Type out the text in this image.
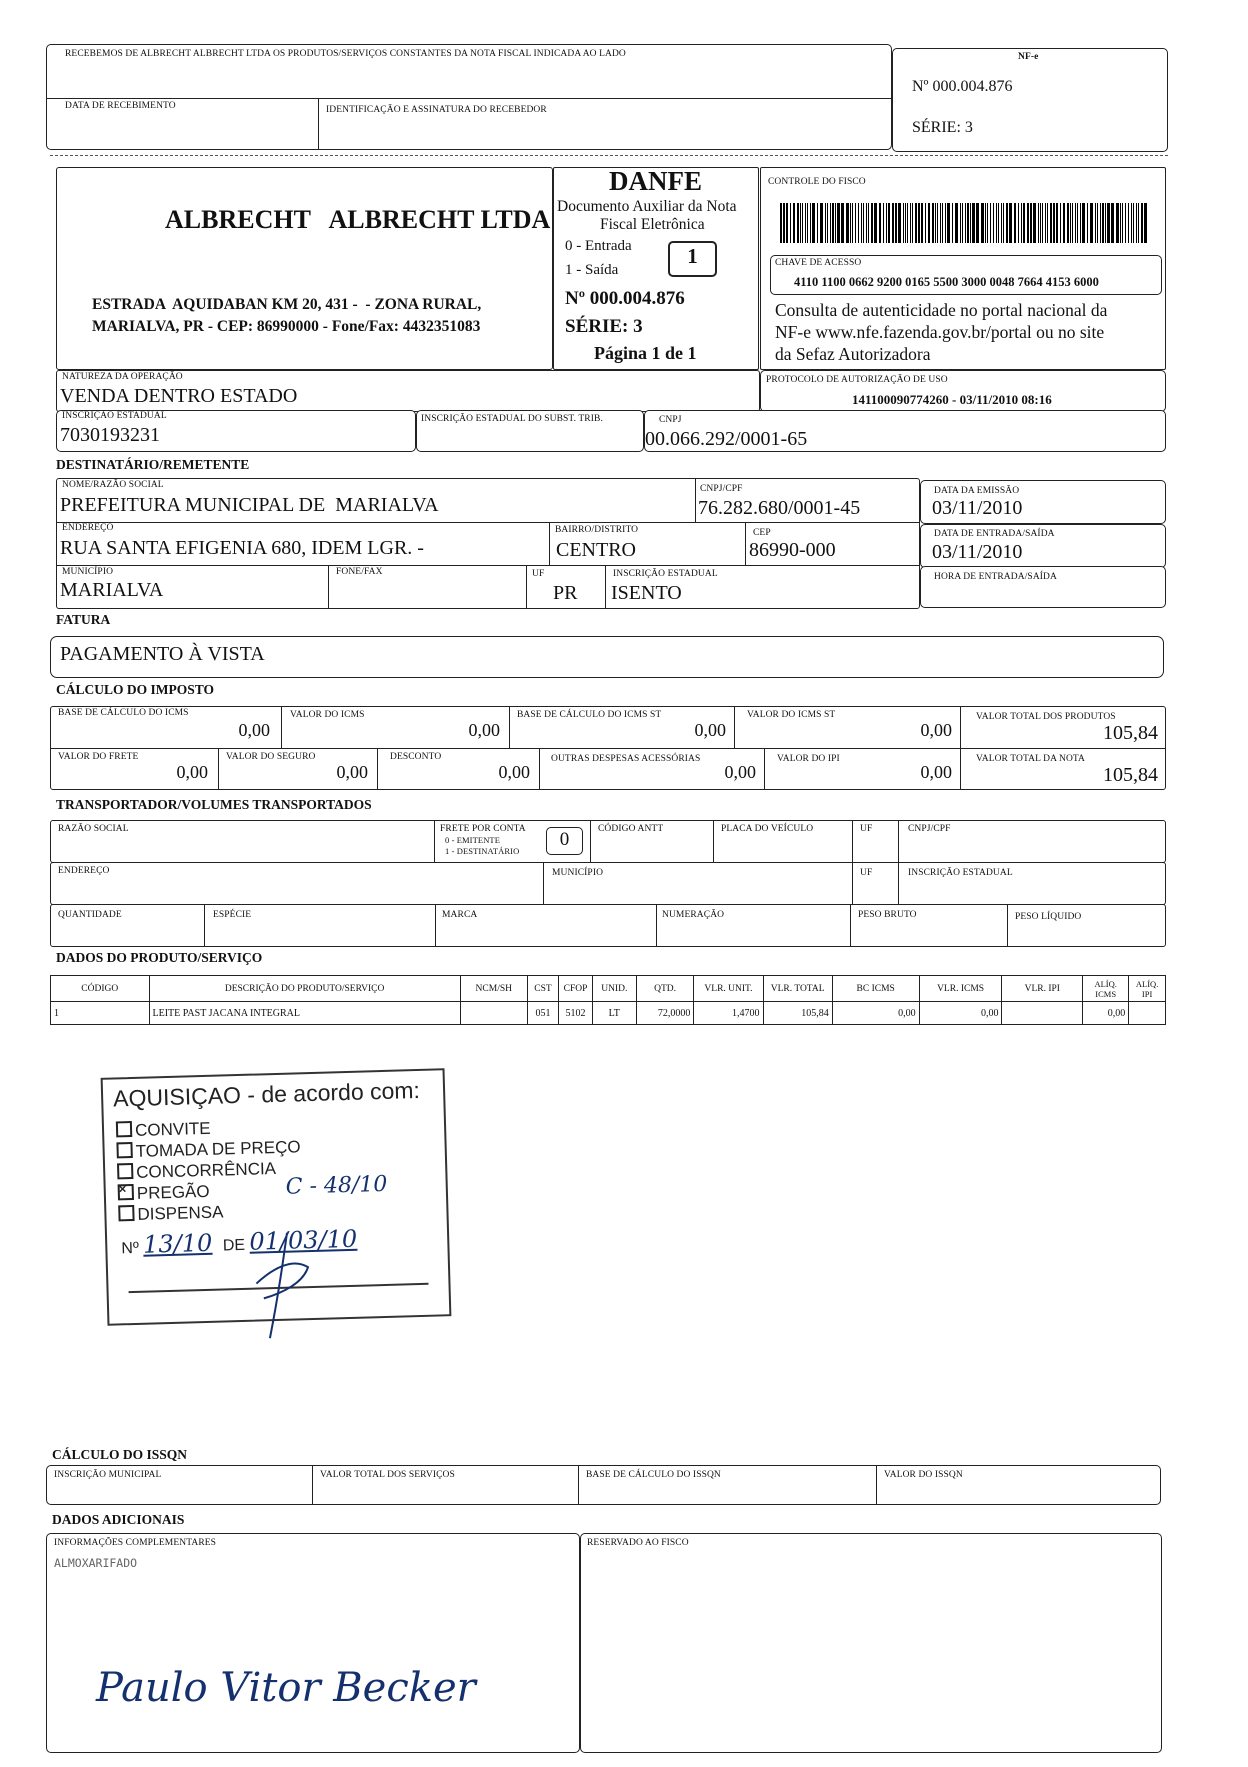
RECEBEMOS DE ALBRECHT ALBRECHT LTDA OS PRODUTOS/SERVIÇOS CONSTANTES DA NOTA FISCAL INDICADA AO LADO
DATA DE RECEBIMENTO	IDENTIFICAÇÃO E ASSINATURA DO RECEBEDOR
NF-e
Nº 000.004.876
SÉRIE: 3
ALBRECHT   ALBRECHT LTDA
ESTRADA  AQUIDABAN KM 20, 431 -  - ZONA RURAL,
MARIALVA, PR - CEP: 86990000 - Fone/Fax: 4432351083
DANFE
Documento Auxiliar da Nota
Fiscal Eletrônica
0 - Entrada
1 - Saída
1
Nº 000.004.876
SÉRIE: 3
Página 1 de 1
CONTROLE DO FISCO
CHAVE DE ACESSO
4110 1100 0662 9200 0165 5500 3000 0048 7664 4153 6000
Consulta de autenticidade no portal nacional da
NF-e www.nfe.fazenda.gov.br/portal ou no site
da Sefaz Autorizadora
NATUREZA DA OPERAÇÃO
VENDA DENTRO ESTADO
PROTOCOLO DE AUTORIZAÇÃO DE USO
141100090774260 - 03/11/2010 08:16
INSCRIÇÃO ESTADUAL
7030193231
INSCRIÇÃO ESTADUAL DO SUBST. TRIB.	CNPJ
00.066.292/0001-65
DESTINATÁRIO/REMETENTE
NOME/RAZÃO SOCIAL
PREFEITURA MUNICIPAL DE  MARIALVA
CNPJ/CPF
76.282.680/0001-45
ENDEREÇO
RUA SANTA EFIGENIA 680, IDEM LGR. -
BAIRRO/DISTRITO
CENTRO
CEP
86990-000
MUNICÍPIO
MARIALVA
FONE/FAX	UF
PR
INSCRIÇÃO ESTADUAL
ISENTO
DATA DA EMISSÃO
03/11/2010
DATA DE ENTRADA/SAÍDA
03/11/2010
HORA DE ENTRADA/SAÍDA
FATURA
PAGAMENTO À VISTA
CÁLCULO DO IMPOSTO
BASE DE CÁLCULO DO ICMS
0,00
VALOR DO ICMS
0,00
BASE DE CÁLCULO DO ICMS ST
0,00
VALOR DO ICMS ST
0,00
VALOR TOTAL DOS PRODUTOS
105,84
VALOR DO FRETE
0,00
VALOR DO SEGURO
0,00
DESCONTO
0,00
OUTRAS DESPESAS ACESSÓRIAS
0,00
VALOR DO IPI
0,00
VALOR TOTAL DA NOTA
105,84
TRANSPORTADOR/VOLUMES TRANSPORTADOS
RAZÃO SOCIAL	FRETE POR CONTA
0 - EMITENTE
1 - DESTINATÁRIO
0	CÓDIGO ANTT	PLACA DO VEÍCULO	UF	CNPJ/CPF
ENDEREÇO	MUNICÍPIO	UF	INSCRIÇÃO ESTADUAL
QUANTIDADE	ESPÉCIE	MARCA	NUMERAÇÃO	PESO BRUTO	PESO LÍQUIDO
DADOS DO PRODUTO/SERVIÇO
CÓDIGO	DESCRIÇÃO DO PRODUTO/SERVIÇO	NCM/SH	CST	CFOP	UNID.	QTD.	VLR. UNIT.	VLR. TOTAL	BC ICMS	VLR. ICMS	VLR. IPI	ALÍQ. ICMS	ALÍQ. IPI
1	LEITE PAST JACANA INTEGRAL		051	5102	LT	72,0000	1,4700	105,84	0,00	0,00		0,00	
AQUISIÇAO - de acordo com:
CONVITE
TOMADA DE PREÇO
CONCORRÊNCIA
× PREGÃO	C - 48/10
DISPENSA
Nº 13/10 DE 01/03/10
CÁLCULO DO ISSQN
INSCRIÇÃO MUNICIPAL	VALOR TOTAL DOS SERVIÇOS	BASE DE CÁLCULO DO ISSQN	VALOR DO ISSQN
DADOS ADICIONAIS
INFORMAÇÕES COMPLEMENTARES
ALMOXARIFADO
Paulo Vitor Becker
RESERVADO AO FISCO
